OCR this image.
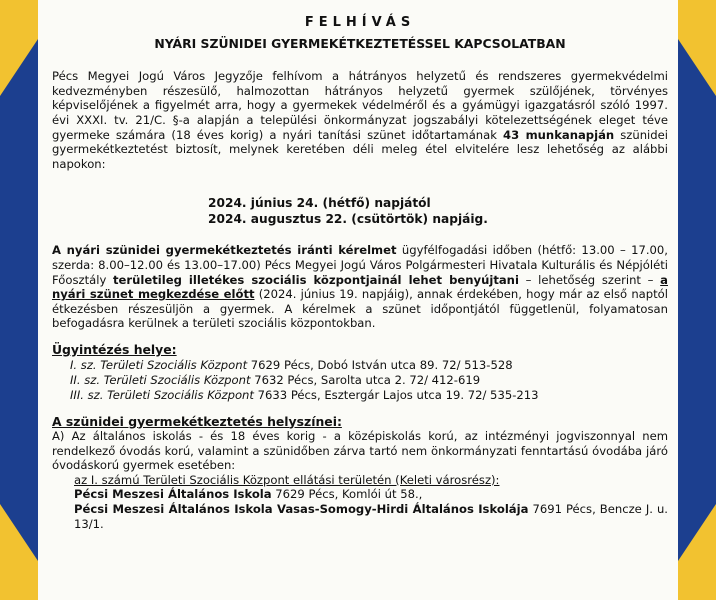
FELHÍVÁS
NYÁRI SZÜNIDEI GYERMEKÉTKEZTETÉSSEL KAPCSOLATBAN

Pécs Megyei Jogú Város Jegyzője felhívom a hátrányos helyzetű és rendszeres gyermekvédelmi kedvezményben részesülő, halmozottan hátrányos helyzetű gyermek szülőjének, törvényes képviselőjének a figyelmét arra, hogy a gyermekek védelméről és a gyámügyi igazgatásról szóló 1997. évi XXXI. tv. 21/C. §-a alapján a települési önkormányzat jogszabályi kötelezettségének eleget téve gyermeke számára (18 éves korig) a nyári tanítási szünet időtartamának 43 munkanapján szünidei gyermekétkeztetést biztosít, melynek keretében déli meleg étel elvitelére lesz lehetőség az alábbi napokon:

2024. június 24. (hétfő) napjától
2024. augusztus 22. (csütörtök) napjáig.

A nyári szünidei gyermekétkeztetés iránti kérelmet ügyfélfogadási időben (hétfő: 13.00 – 17.00, szerda: 8.00–12.00 és 13.00–17.00) Pécs Megyei Jogú Város Polgármesteri Hivatala Kulturális és Népjóléti Főosztály területileg illetékes szociális központjainál lehet benyújtani – lehetőség szerint – a nyári szünet megkezdése előtt (2024. június 19. napjáig), annak érdekében, hogy már az első naptól étkezésben részesüljön a gyermek. A kérelmek a szünet időpontjától függetlenül, folyamatosan befogadásra kerülnek a területi szociális központokban.

Ügyintézés helye:
I. sz. Területi Szociális Központ 7629 Pécs, Dobó István utca 89. 72/ 513-528
II. sz. Területi Szociális Központ 7632 Pécs, Sarolta utca 2. 72/ 412-619
III. sz. Területi Szociális Központ 7633 Pécs, Esztergár Lajos utca 19. 72/ 535-213
A szünidei gyermekétkeztetés helyszínei:

A) Az általános iskolás - és 18 éves korig - a középiskolás korú, az intézményi jogviszonnyal nem rendelkező óvodás korú, valamint a szünidőben zárva tartó nem önkormányzati fenntartású óvodába járó óvodáskorú gyermek esetében:

az I. számú Területi Szociális Központ ellátási területén (Keleti városrész):
Pécsi Meszesi Általános Iskola 7629 Pécs, Komlói út 58.,

Pécsi Meszesi Általános Iskola Vasas-Somogy-Hirdi Általános Iskolája 7691 Pécs, Bencze J. u. 13/1.
